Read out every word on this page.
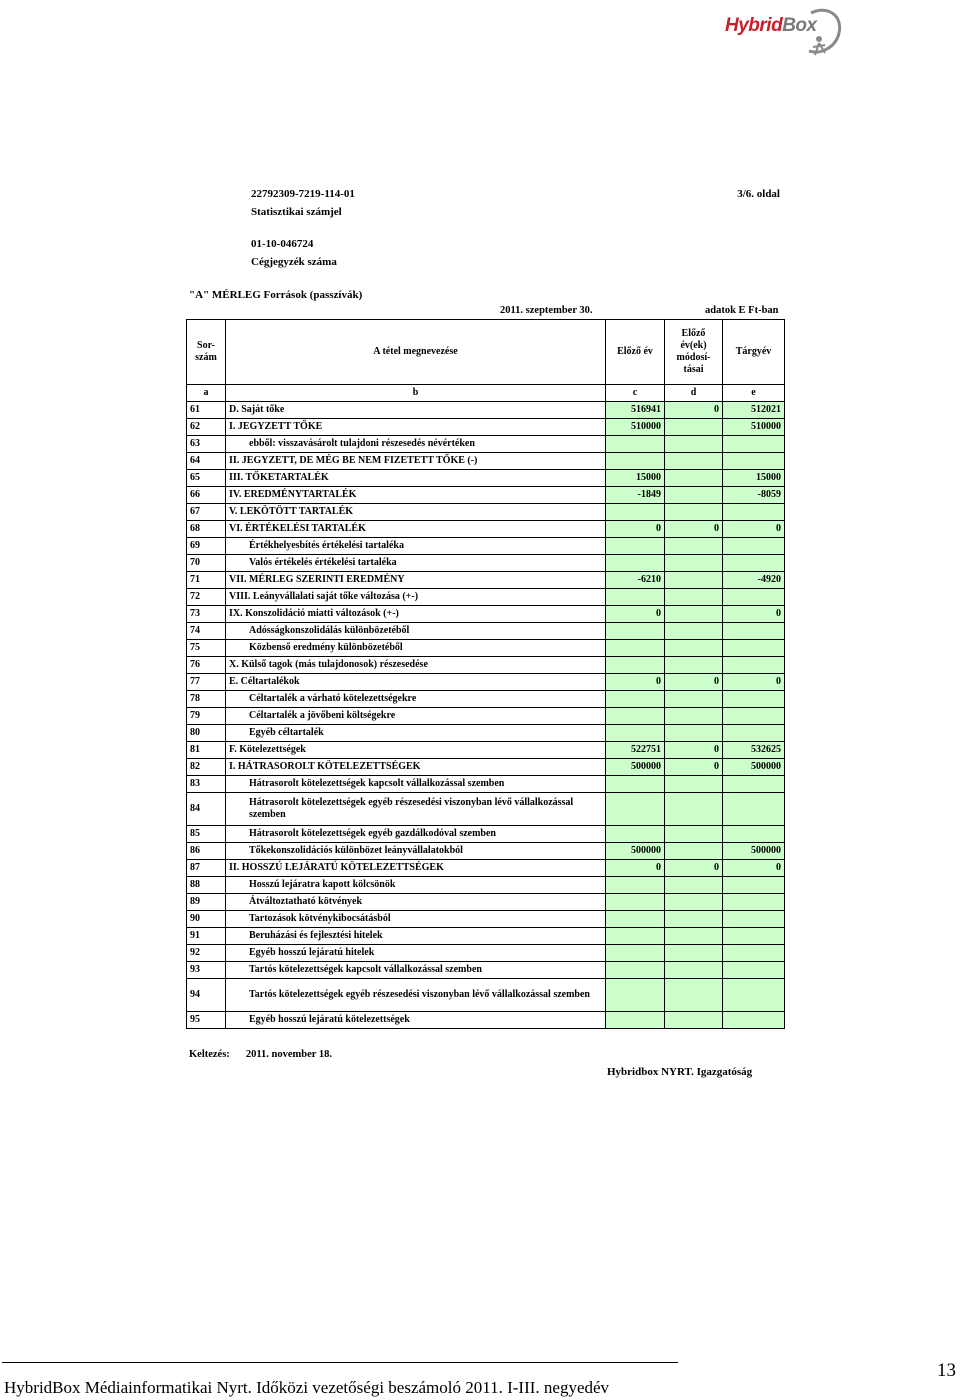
HybridBox
22792309-7219-114-01
Statisztikai számjel
01-10-046724
Cégjegyzék száma
3/6. oldal
"A" MÉRLEG Források (passzívák)
2011. szeptember 30.	adatok E Ft-ban
Sor-
szám	A tétel megnevezése	Előző év	Előző
év(ek)
módosí-
tásai	Tárgyév
a	b	c	d	e
61	D. Saját tőke	516941	0	512021
62	I. JEGYZETT TŐKE	510000		510000
63	ebből: visszavásárolt tulajdoni részesedés névértéken			
64	II. JEGYZETT, DE MÉG BE NEM FIZETETT TŐKE (-)			
65	III. TŐKETARTALÉK	15000		15000
66	IV. EREDMÉNYTARTALÉK	-1849		-8059
67	V. LEKÖTÖTT TARTALÉK			
68	VI. ÉRTÉKELÉSI TARTALÉK	0	0	0
69	Értékhelyesbítés értékelési tartaléka			
70	Valós értékelés értékelési tartaléka			
71	VII. MÉRLEG SZERINTI EREDMÉNY	-6210		-4920
72	VIII. Leányvállalati saját tőke változása (+-)			
73	IX. Konszolidáció miatti változások (+-)	0		0
74	Adósságkonszolidálás különbözetéből			
75	Közbenső eredmény különbözetéből			
76	X. Külső tagok (más tulajdonosok) részesedése			
77	E. Céltartalékok	0	0	0
78	Céltartalék a várható kötelezettségekre			
79	Céltartalék a jövőbeni költségekre			
80	Egyéb céltartalék			
81	F. Kötelezettségek	522751	0	532625
82	I. HÁTRASOROLT KÖTELEZETTSÉGEK	500000	0	500000
83	Hátrasorolt kötelezettségek kapcsolt vállalkozással szemben			
84	Hátrasorolt kötelezettségek egyéb részesedési viszonyban lévő vállalkozással szemben			
85	Hátrasorolt kötelezettségek egyéb gazdálkodóval szemben			
86	Tőkekonszolidációs különbözet leányvállalatokból	500000		500000
87	II. HOSSZÚ LEJÁRATÚ KÖTELEZETTSÉGEK	0	0	0
88	Hosszú lejáratra kapott kölcsönök			
89	Átváltoztatható kötvények			
90	Tartozások kötvénykibocsátásból			
91	Beruházási és fejlesztési hitelek			
92	Egyéb hosszú lejáratú hitelek			
93	Tartós kötelezettségek kapcsolt vállalkozással szemben			
94	Tartós kötelezettségek egyéb részesedési viszonyban lévő vállalkozással szemben			
95	Egyéb hosszú lejáratú kötelezettségek			
Keltezés: 2011. november 18.
Hybridbox NYRT. Igazgatóság
HybridBox Médiainformatikai Nyrt. Időközi vezetőségi beszámoló 2011. I-III. negyedév
13
